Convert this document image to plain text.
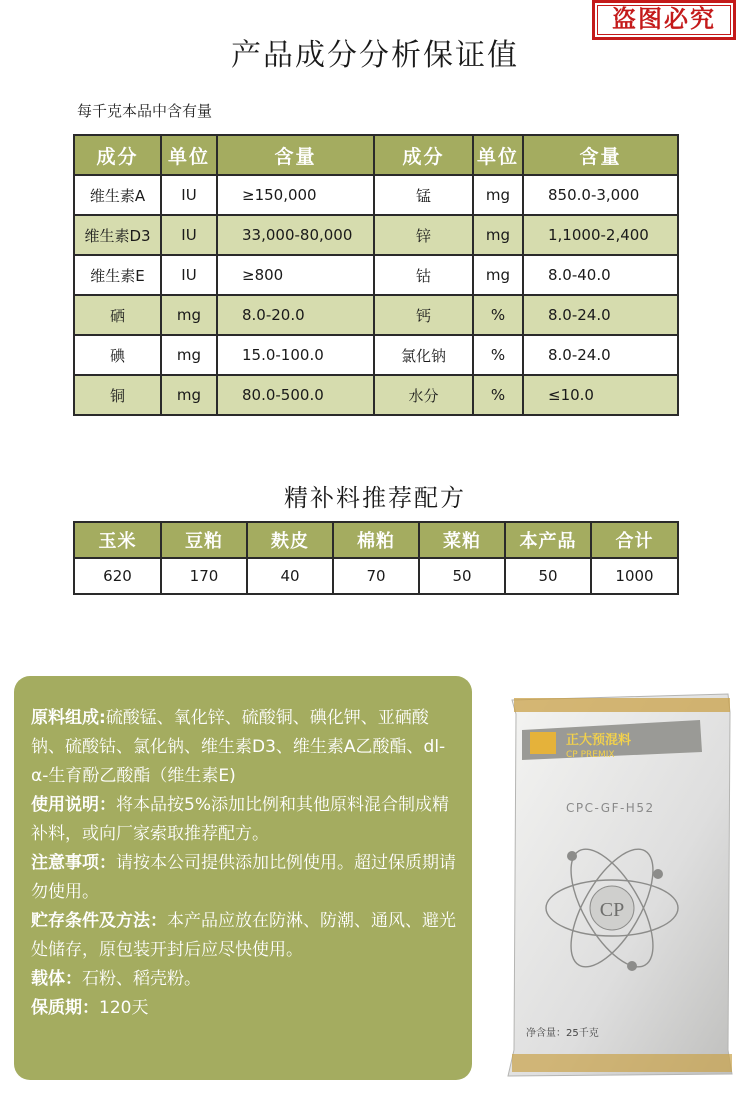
盗图必究
产品成分分析保证值
每千克本品中含有量
成分	单位	含量	成分	单位	含量
维生素A	IU	≥150,000	锰	mg	850.0-3,000
维生素D3	IU	33,000-80,000	锌	mg	1,1000-2,400
维生素E	IU	≥800	钴	mg	8.0-40.0
硒	mg	8.0-20.0	钙	%	8.0-24.0
碘	mg	15.0-100.0	氯化钠	%	8.0-24.0
铜	mg	80.0-500.0	水分	%	≤10.0
精补料推荐配方
玉米	豆粕	麸皮	棉粕	菜粕	本产品	合计
620	170	40	70	50	50	1000

原料组成:硫酸锰、氧化锌、硫酸铜、碘化钾、亚硒酸钠、硫酸钴、氯化钠、维生素D3、维生素A乙酸酯、dl-α-生育酚乙酸酯（维生素E)

使用说明：将本品按5%添加比例和其他原料混合制成精补料，或向厂家索取推荐配方。

注意事项：请按本公司提供添加比例使用。超过保质期请勿使用。

贮存条件及方法：本产品应放在防淋、防潮、通风、避光处储存，原包装开封后应尽快使用。

载体：石粉、稻壳粉。

保质期：120天

正大预混料
CP PREMIX
CPC-GF-H52
CP
净含量：25千克
